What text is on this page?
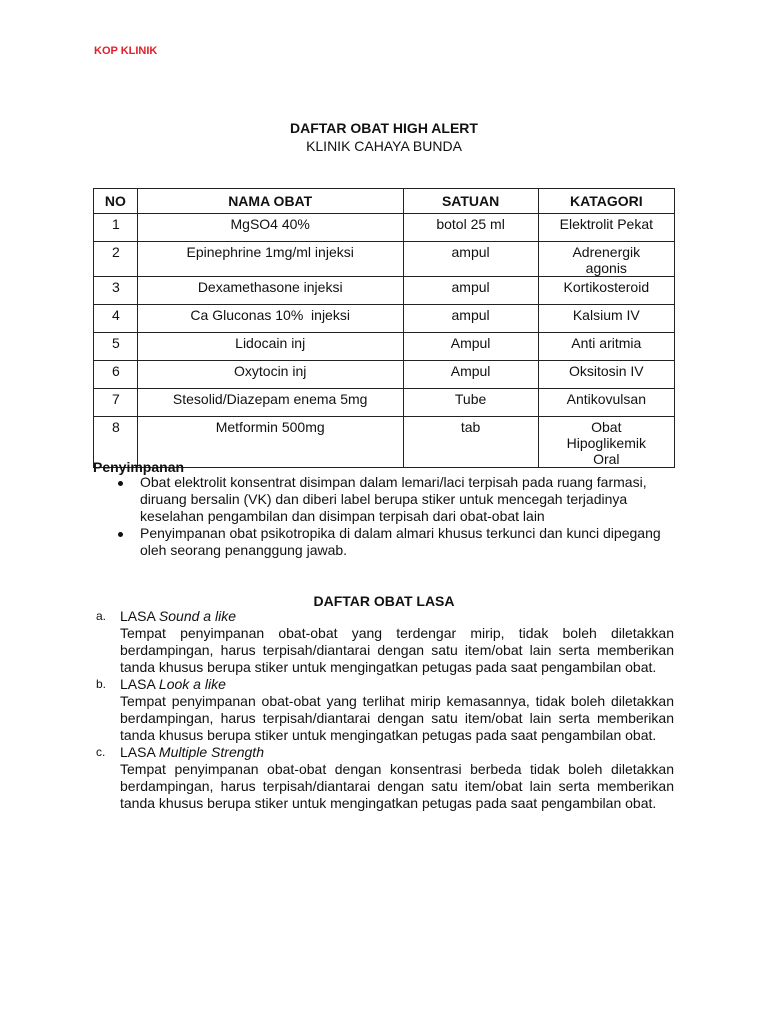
KOP KLINIK
DAFTAR OBAT HIGH ALERT
KLINIK CAHAYA BUNDA
NO	NAMA OBAT	SATUAN	KATAGORI
1	MgSO4 40%	botol 25 ml	Elektrolit Pekat
2	Epinephrine 1mg/ml injeksi	ampul	Adrenergik agonis
3	Dexamethasone injeksi	ampul	Kortikosteroid
4	Ca Gluconas 10%  injeksi	ampul	Kalsium IV
5	Lidocain inj	Ampul	Anti aritmia
6	Oxytocin inj	Ampul	Oksitosin IV
7	Stesolid/Diazepam enema 5mg	Tube	Antikovulsan
8	Metformin 500mg	tab	Obat Hipoglikemik Oral
Penyimpanan
Obat elektrolit konsentrat disimpan dalam lemari/laci terpisah pada ruang farmasi, diruang bersalin (VK) dan diberi label berupa stiker untuk mencegah terjadinya keselahan pengambilan dan disimpan terpisah dari obat-obat lain
Penyimpanan obat psikotropika di dalam almari khusus terkunci dan kunci dipegang oleh seorang penanggung jawab.
DAFTAR OBAT LASA
a. LASA Sound a like
Tempat penyimpanan obat-obat yang terdengar mirip, tidak boleh diletakkan berdampingan, harus terpisah/diantarai dengan satu item/obat lain serta memberikan tanda khusus berupa stiker untuk mengingatkan petugas pada saat pengambilan obat.
b. LASA Look a like
Tempat penyimpanan obat-obat yang terlihat mirip kemasannya, tidak boleh diletakkan berdampingan, harus terpisah/diantarai dengan satu item/obat lain serta memberikan tanda khusus berupa stiker untuk mengingatkan petugas pada saat pengambilan obat.
c. LASA Multiple Strength
Tempat penyimpanan obat-obat dengan konsentrasi berbeda tidak boleh diletakkan berdampingan, harus terpisah/diantarai dengan satu item/obat lain serta memberikan tanda khusus berupa stiker untuk mengingatkan petugas pada saat pengambilan obat.
